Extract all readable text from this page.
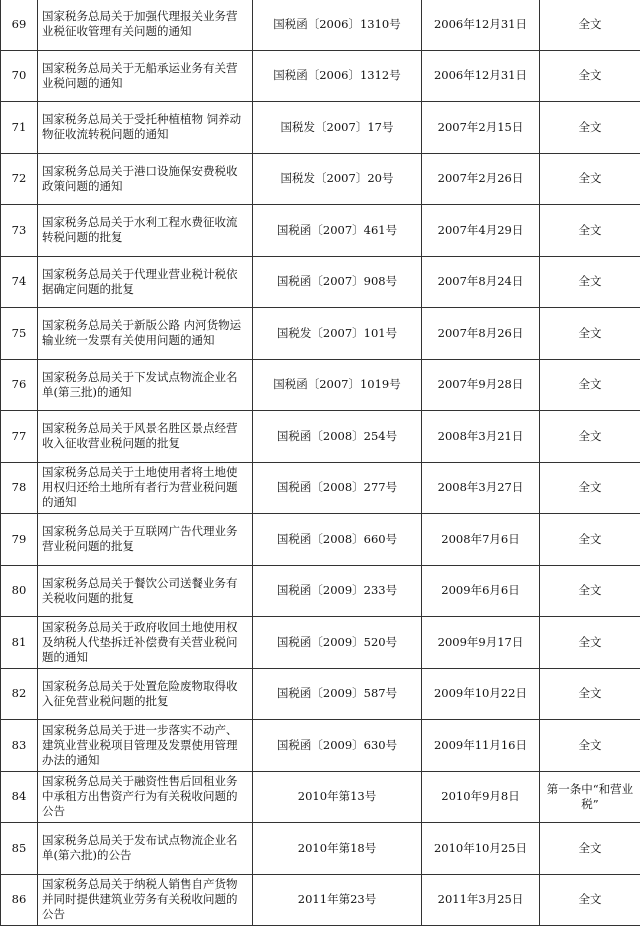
69	国家税务总局关于加强代理报关业务营业税征收管理有关问题的通知	国税函〔2006〕1310号	2006年12月31日	全文
70	国家税务总局关于无船承运业务有关营业税问题的通知	国税函〔2006〕1312号	2006年12月31日	全文
71	国家税务总局关于受托种植植物 饲养动物征收流转税问题的通知	国税发〔2007〕17号	2007年2月15日	全文
72	国家税务总局关于港口设施保安费税收政策问题的通知	国税发〔2007〕20号	2007年2月26日	全文
73	国家税务总局关于水利工程水费征收流转税问题的批复	国税函〔2007〕461号	2007年4月29日	全文
74	国家税务总局关于代理业营业税计税依据确定问题的批复	国税函〔2007〕908号	2007年8月24日	全文
75	国家税务总局关于新版公路 内河货物运输业统一发票有关使用问题的通知	国税发〔2007〕101号	2007年8月26日	全文
76	国家税务总局关于下发试点物流企业名单(第三批)的通知	国税函〔2007〕1019号	2007年9月28日	全文
77	国家税务总局关于风景名胜区景点经营收入征收营业税问题的批复	国税函〔2008〕254号	2008年3月21日	全文
78	国家税务总局关于土地使用者将土地使用权归还给土地所有者行为营业税问题的通知	国税函〔2008〕277号	2008年3月27日	全文
79	国家税务总局关于互联网广告代理业务营业税问题的批复	国税函〔2008〕660号	2008年7月6日	全文
80	国家税务总局关于餐饮公司送餐业务有关税收问题的批复	国税函〔2009〕233号	2009年6月6日	全文
81	国家税务总局关于政府收回土地使用权及纳税人代垫拆迁补偿费有关营业税问题的通知	国税函〔2009〕520号	2009年9月17日	全文
82	国家税务总局关于处置危险废物取得收入征免营业税问题的批复	国税函〔2009〕587号	2009年10月22日	全文
83	国家税务总局关于进一步落实不动产、建筑业营业税项目管理及发票使用管理办法的通知	国税函〔2009〕630号	2009年11月16日	全文
84	国家税务总局关于融资性售后回租业务中承租方出售资产行为有关税收问题的公告	2010年第13号	2010年9月8日	第一条中“和营业税”
85	国家税务总局关于发布试点物流企业名单(第六批)的公告	2010年第18号	2010年10月25日	全文
86	国家税务总局关于纳税人销售自产货物并同时提供建筑业劳务有关税收问题的公告	2011年第23号	2011年3月25日	全文
